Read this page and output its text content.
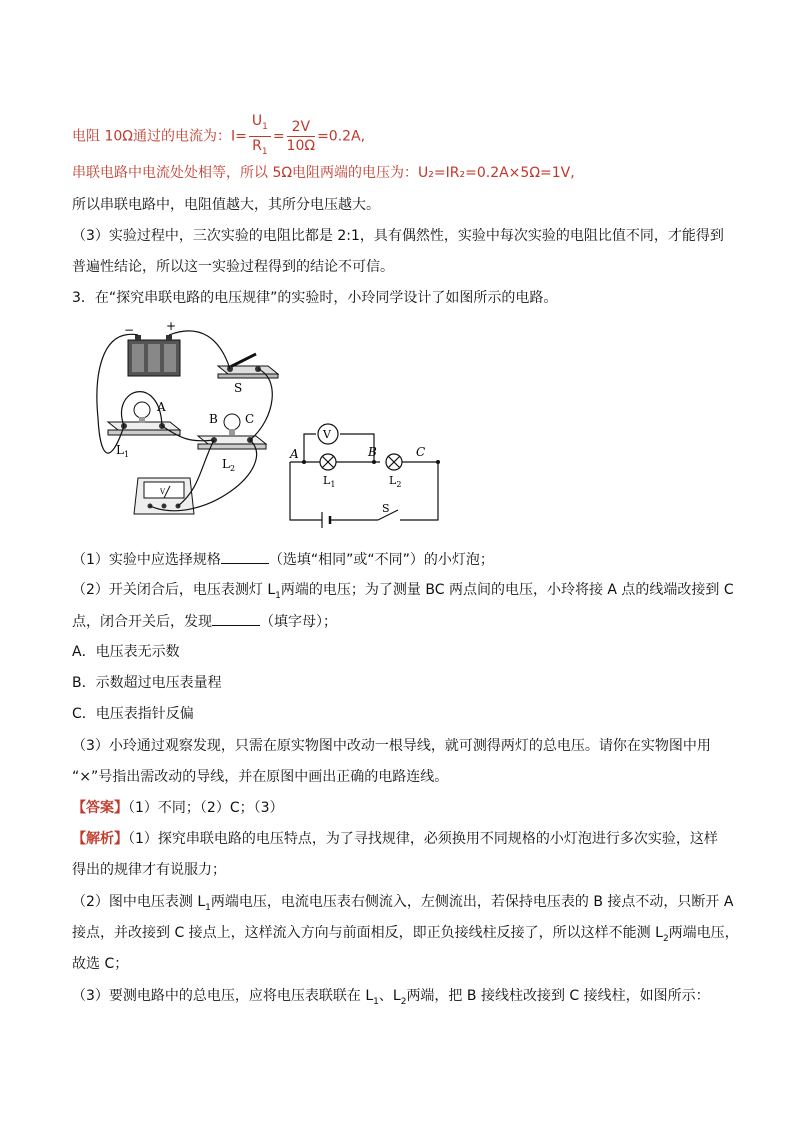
电阻 10Ω通过的电流为：$I= \frac{U_1}{R_1} = \frac{2V}{10\Omega} =0.2A$,
串联电路中电流处处相等，所以 5Ω电阻两端的电压为：U₂=IR₂=0.2A×5Ω=1V,
所以串联电路中，电阻值越大，其所分电压越大。
（3）实验过程中，三次实验的电阻比都是 2:1，具有偶然性，实验中每次实验的电阻比值不同，才能得到
普遍性结论，所以这一实验过程得到的结论不可信。
3．在“探究串联电路的电压规律”的实验时，小玲同学设计了如图所示的电路。
−	+
S
A
$L_1$
B C
$L_2$
V
V
A	B	C
$L_1$	$L_2$
S
（1）实验中应选择规格	（选填“相同”或“不同”）的小灯泡；
（2）开关闭合后，电压表测灯 $L_1$两端的电压；为了测量 BC 两点间的电压，小玲将接 A 点的线端改接到 C
点，闭合开关后，发现	（填字母）；
A．电压表无示数
B．示数超过电压表量程
C．电压表指针反偏
（3）小玲通过观察发现，只需在原实物图中改动一根导线，就可测得两灯的总电压。请你在实物图中用
“×”号指出需改动的导线，并在原图中画出正确的电路连线。
【答案】（1）不同；（2）C；（3）
【解析】（1）探究串联电路的电压特点，为了寻找规律，必须换用不同规格的小灯泡进行多次实验，这样
得出的规律才有说服力；
（2）图中电压表测 $L_1$两端电压，电流电压表右侧流入，左侧流出，若保持电压表的 B 接点不动，只断开 A
接点，并改接到 C 接点上，这样流入方向与前面相反，即正负接线柱反接了，所以这样不能测 $L_2$两端电压，
故选 C；
（3）要测电路中的总电压，应将电压表联联在 $L_1$、$L_2$两端，把 B 接线柱改接到 C 接线柱，如图所示：
